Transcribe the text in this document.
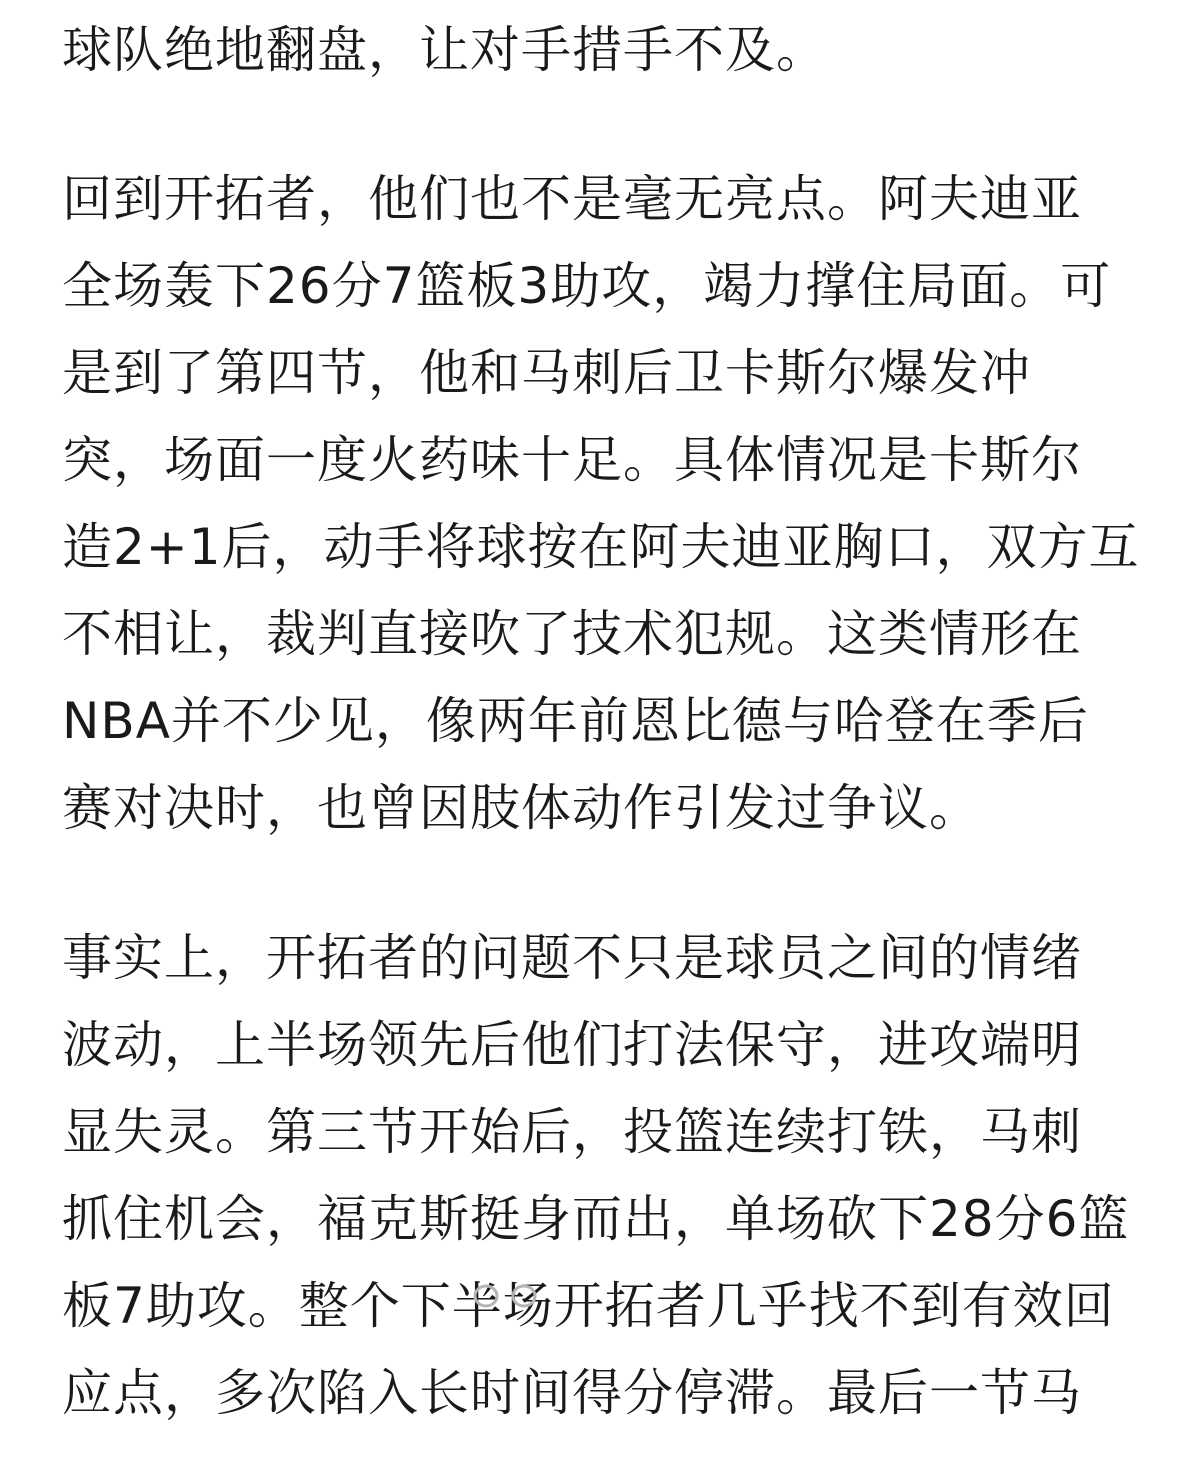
球队绝地翻盘，让对手措手不及。
回到开拓者，他们也不是毫无亮点。阿夫迪亚
全场轰下26分7篮板3助攻，竭力撑住局面。可
是到了第四节，他和马刺后卫卡斯尔爆发冲
突，场面一度火药味十足。具体情况是卡斯尔
造2+1后，动手将球按在阿夫迪亚胸口，双方互
不相让，裁判直接吹了技术犯规。这类情形在
NBA并不少见，像两年前恩比德与哈登在季后
赛对决时，也曾因肢体动作引发过争议。
事实上，开拓者的问题不只是球员之间的情绪
波动，上半场领先后他们打法保守，进攻端明
显失灵。第三节开始后，投篮连续打铁，马刺
抓住机会，福克斯挺身而出，单场砍下28分6篮
板7助攻。整个下半场开拓者几乎找不到有效回
应点，多次陷入长时间得分停滞。最后一节马
